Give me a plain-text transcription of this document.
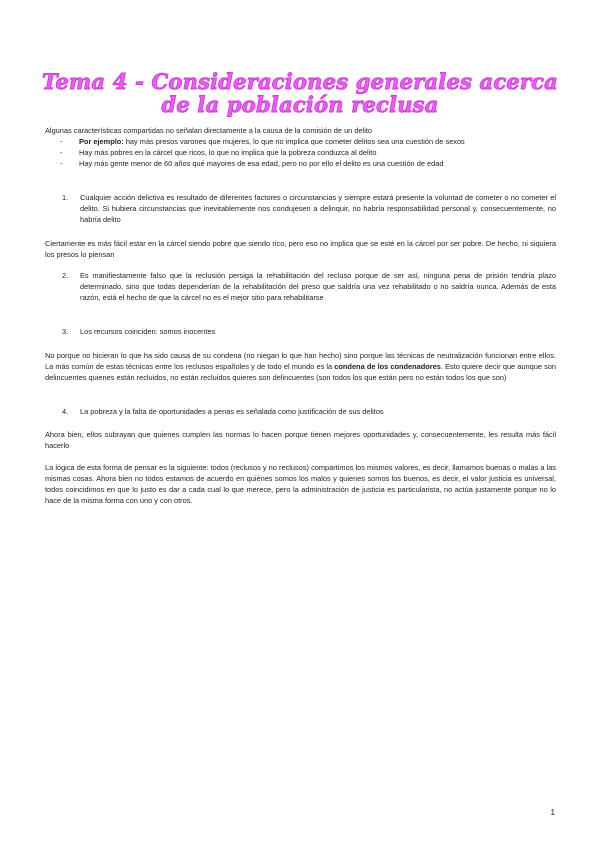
Tema 4 - Consideraciones generales acerca de la población reclusa

Algunas características compartidas no señalan directamente a la causa de la comisión de un delito

- Por ejemplo: hay más presos varones que mujeres, lo que no implica que cometer delitos sea una cuestión de sexos
- Hay más pobres en la cárcel que ricos, lo que no implica que la pobreza conduzca al delito
- Hay más gente menor de 60 años qué mayores de esa edad, pero no por ello el delito es una cuestión de edad
1. Cualquier acción delictiva es resultado de diferentes factores o circunstancias y siempre estará presente la voluntad de cometer o no cometer el delito. Si hubiera circunstancias que inevitablemente nos condujesen a delinquir, no habría responsabilidad personal y, consecuentemente, no habría delito

Ciertamente es más fácil estar en la cárcel siendo pobre que siendo rico, pero eso no implica que se esté en la cárcel por ser pobre. De hecho, ni siquiera los presos lo piensan

2. Es manifiestamente falso que la reclusión persiga la rehabilitación del recluso porque de ser así, ninguna pena de prisión tendría plazo determinado, sino que todas dependerían de la rehabilitación del preso que saldría una vez rehabilitado o no saldría nunca. Además de esta razón, está el hecho de que la cárcel no es el mejor sitio para rehabilitarse
3. Los recursos coinciden: somos inocentes

No porque no hicieran lo que ha sido causa de su condena (no niegan lo que han hecho) sino porque las técnicas de neutralización funcionan entre ellos. La más común de estas técnicas entre los reclusos españoles y de todo el mundo es la condena de los condenadores. Esto quiere decir que aunque son delincuentes quienes están recluidos, no están recluidos quieres son delincuentes (son todos los que están pero no están todos los que son)

4. La pobreza y la falta de oportunidades a penas es señalada como justificación de sus delitos

Ahora bien, ellos subrayan que quienes cumplen las normas lo hacen porque tienen mejores oportunidades y, consecuentemente, les resulta más fácil hacerlo

La lógica de esta forma de pensar es la siguiente: todos (reclusos y no reclusos) compartimos los mismos valores, es decir, llamamos buenas o malas a las mismas cosas. Ahora bien no todos estamos de acuerdo en quiénes somos los malos y quienes somos los buenos, es decir, el valor justicia es universal, todos coincidimos en que lo justo es dar a cada cual lo que merece, pero la administración de justicia es particularista, no actúa justamente porque no lo hace de la misma forma con uno y con otros.

1
